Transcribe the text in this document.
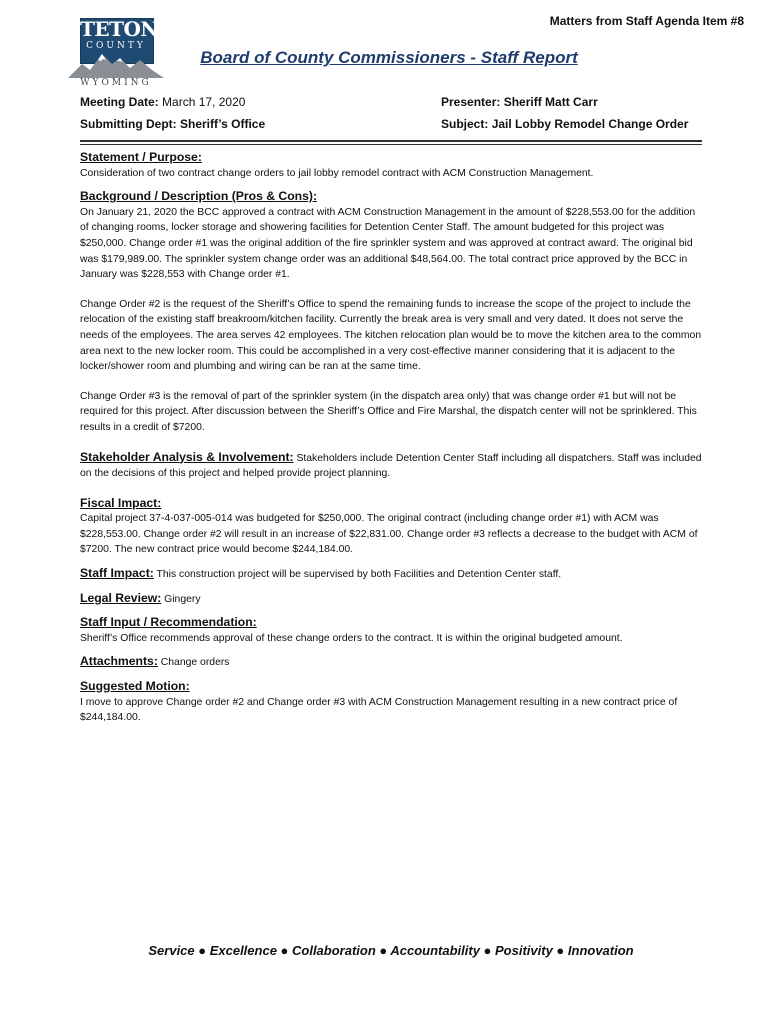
TETON
COUNTY
WYOMING
Matters from Staff Agenda Item #8
Board of County Commissioners - Staff Report
Meeting Date: March 17, 2020	Presenter: Sheriff Matt Carr
Submitting Dept: Sheriff’s Office	Subject: Jail Lobby Remodel Change Order
Statement / Purpose:

Consideration of two contract change orders to jail lobby remodel contract with ACM Construction Management.

Background / Description (Pros & Cons):

On January 21, 2020 the BCC approved a contract with ACM Construction Management in the amount of $228,553.00 for the addition of changing rooms, locker storage and showering facilities for Detention Center Staff. The amount budgeted for this project was $250,000. Change order #1 was the original addition of the fire sprinkler system and was approved at contract award. The original bid was $179,989.00. The sprinkler system change order was an additional $48,564.00. The total contract price approved by the BCC in January was $228,553 with Change order #1.

Change Order #2 is the request of the Sheriff’s Office to spend the remaining funds to increase the scope of the project to include the relocation of the existing staff breakroom/kitchen facility. Currently the break area is very small and very dated. It does not serve the needs of the employees. The area serves 42 employees. The kitchen relocation plan would be to move the kitchen area to the common area next to the new locker room. This could be accomplished in a very cost-effective manner considering that it is adjacent to the locker/shower room and plumbing and wiring can be ran at the same time.

Change Order #3 is the removal of part of the sprinkler system (in the dispatch area only) that was change order #1 but will not be required for this project. After discussion between the Sheriff’s Office and Fire Marshal, the dispatch center will not be sprinklered. This results in a credit of $7200.

Stakeholder Analysis & Involvement: Stakeholders include Detention Center Staff including all dispatchers. Staff was included on the decisions of this project and helped provide project planning.

Fiscal Impact:

Capital project 37-4-037-005-014 was budgeted for $250,000. The original contract (including change order #1) with ACM was $228,553.00. Change order #2 will result in an increase of $22,831.00. Change order #3 reflects a decrease to the budget with ACM of $7200. The new contract price would become $244,184.00.

Staff Impact: This construction project will be supervised by both Facilities and Detention Center staff.

Legal Review: Gingery

Staff Input / Recommendation:

Sheriff’s Office recommends approval of these change orders to the contract. It is within the original budgeted amount.

Attachments: Change orders

Suggested Motion:

I move to approve Change order #2 and Change order #3 with ACM Construction Management resulting in a new contract price of $244,184.00.

Service ● Excellence ● Collaboration ● Accountability ● Positivity ● Innovation
